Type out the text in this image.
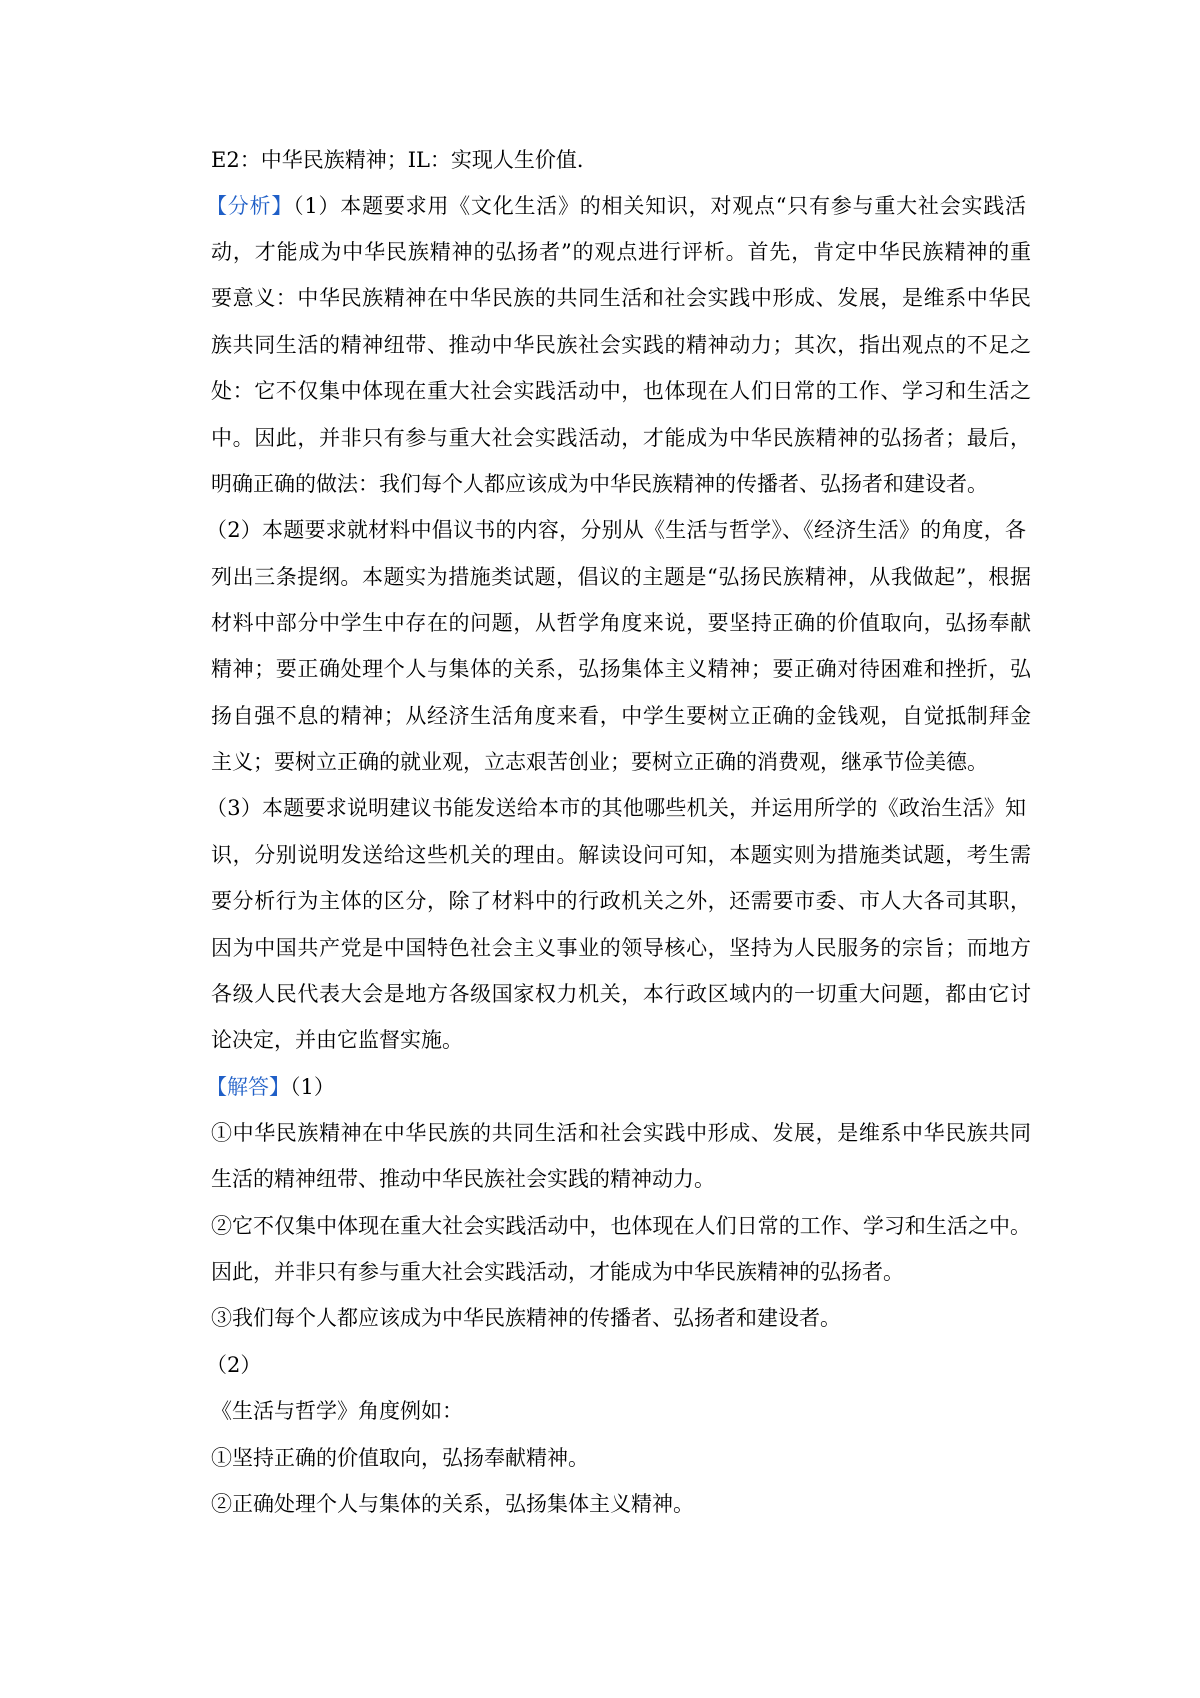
E2：中华民族精神；IL：实现人生价值．
【分析】（1）本题要求用《文化生活》的相关知识，对观点“只有参与重大社会实践活
动，才能成为中华民族精神的弘扬者”的观点进行评析。首先，肯定中华民族精神的重
要意义：中华民族精神在中华民族的共同生活和社会实践中形成、发展，是维系中华民
族共同生活的精神纽带、推动中华民族社会实践的精神动力；其次，指出观点的不足之
处：它不仅集中体现在重大社会实践活动中，也体现在人们日常的工作、学习和生活之
中。因此，并非只有参与重大社会实践活动，才能成为中华民族精神的弘扬者；最后，
明确正确的做法：我们每个人都应该成为中华民族精神的传播者、弘扬者和建设者。
（2）本题要求就材料中倡议书的内容，分别从《生活与哲学》、《经济生活》的角度，各
列出三条提纲。本题实为措施类试题，倡议的主题是“弘扬民族精神，从我做起”，根据
材料中部分中学生中存在的问题，从哲学角度来说，要坚持正确的价值取向，弘扬奉献
精神；要正确处理个人与集体的关系，弘扬集体主义精神；要正确对待困难和挫折，弘
扬自强不息的精神；从经济生活角度来看，中学生要树立正确的金钱观，自觉抵制拜金
主义；要树立正确的就业观，立志艰苦创业；要树立正确的消费观，继承节俭美德。
（3）本题要求说明建议书能发送给本市的其他哪些机关，并运用所学的《政治生活》知
识，分别说明发送给这些机关的理由。解读设问可知，本题实则为措施类试题，考生需
要分析行为主体的区分，除了材料中的行政机关之外，还需要市委、市人大各司其职，
因为中国共产党是中国特色社会主义事业的领导核心，坚持为人民服务的宗旨；而地方
各级人民代表大会是地方各级国家权力机关，本行政区域内的一切重大问题，都由它讨
论决定，并由它监督实施。
【解答】（1）
①中华民族精神在中华民族的共同生活和社会实践中形成、发展，是维系中华民族共同
生活的精神纽带、推动中华民族社会实践的精神动力。
②它不仅集中体现在重大社会实践活动中，也体现在人们日常的工作、学习和生活之中。
因此，并非只有参与重大社会实践活动，才能成为中华民族精神的弘扬者。
③我们每个人都应该成为中华民族精神的传播者、弘扬者和建设者。
（2）
《生活与哲学》角度例如：
①坚持正确的价值取向，弘扬奉献精神。
②正确处理个人与集体的关系，弘扬集体主义精神。
